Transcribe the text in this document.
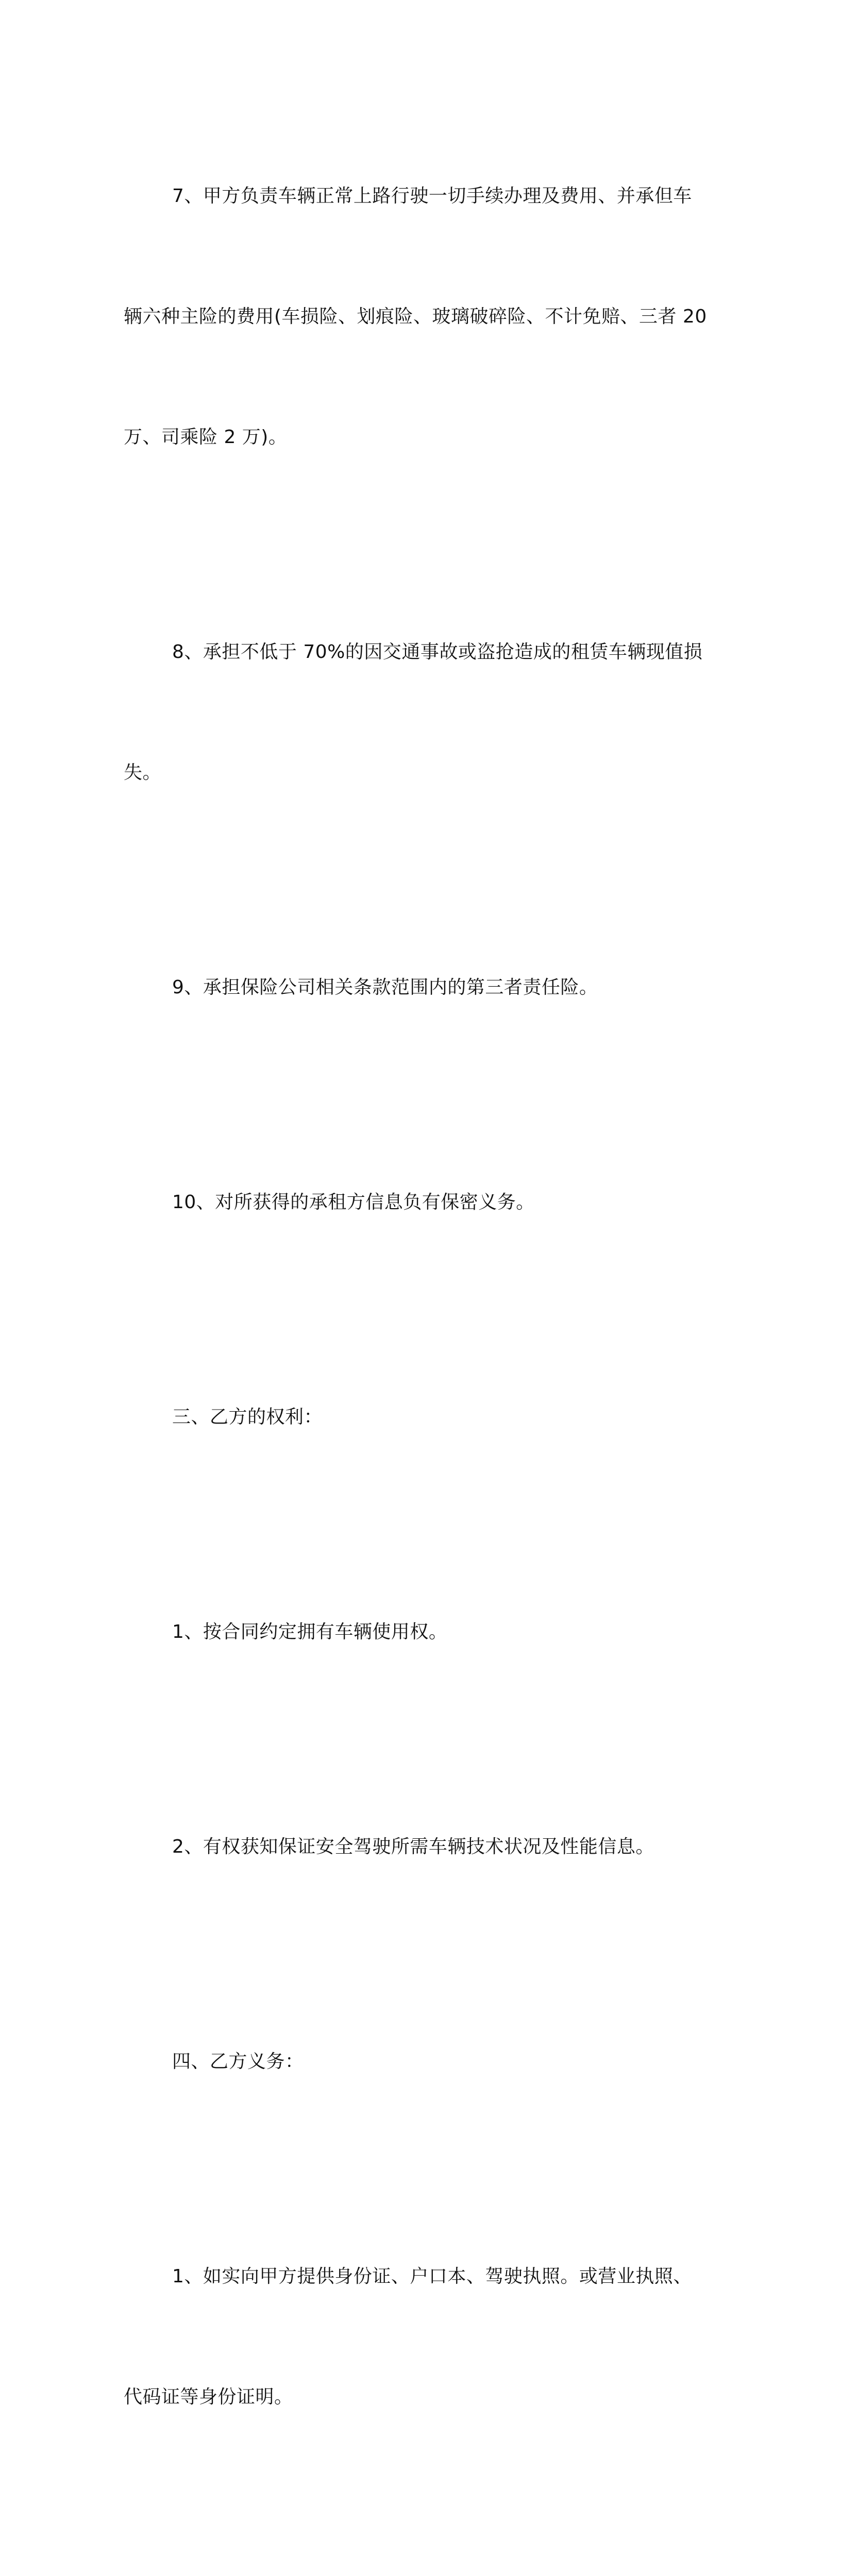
7、甲方负责车辆正常上路行驶一切手续办理及费用、并承但车

辆六种主险的费用(车损险、划痕险、玻璃破碎险、不计免赔、三者 20

万、司乘险 2 万)。

8、承担不低于 70%的因交通事故或盗抢造成的租赁车辆现值损

失。

9、承担保险公司相关条款范围内的第三者责任险。

10、对所获得的承租方信息负有保密义务。

三、乙方的权利：

1、按合同约定拥有车辆使用权。

2、有权获知保证安全驾驶所需车辆技术状况及性能信息。

四、乙方义务：

1、如实向甲方提供身份证、户口本、驾驶执照。或营业执照、

代码证等身份证明。
